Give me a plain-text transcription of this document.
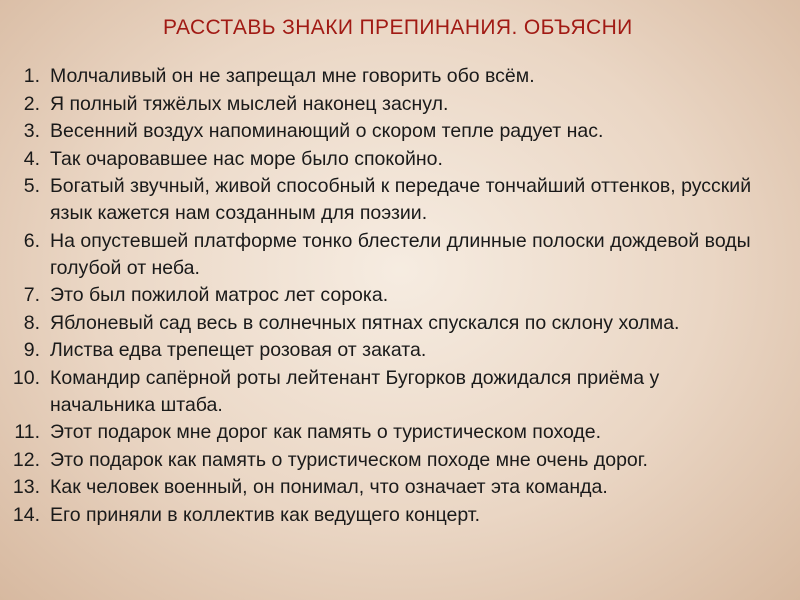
РАССТАВЬ ЗНАКИ ПРЕПИНАНИЯ. ОБЪЯСНИ
1. Молчаливый он не запрещал мне говорить обо всём.
2. Я полный тяжёлых мыслей наконец заснул.
3. Весенний воздух напоминающий о скором тепле радует нас.
4. Так очаровавшее нас море было спокойно.
5. Богатый звучный, живой способный к передаче тончайший оттенков, русский язык кажется нам созданным для поэзии.
6. На опустевшей платформе тонко блестели длинные полоски дождевой воды голубой от неба.
7. Это был пожилой матрос лет сорока.
8. Яблоневый сад весь в солнечных пятнах спускался по склону холма.
9. Листва едва трепещет розовая от заката.
10. Командир сапёрной роты лейтенант Бугорков дожидался приёма у начальника штаба.
11. Этот подарок мне дорог как память о туристическом походе.
12. Это подарок как память о туристическом походе мне очень дорог.
13. Как человек военный, он понимал, что означает эта команда.
14. Его приняли в коллектив как ведущего концерт.
